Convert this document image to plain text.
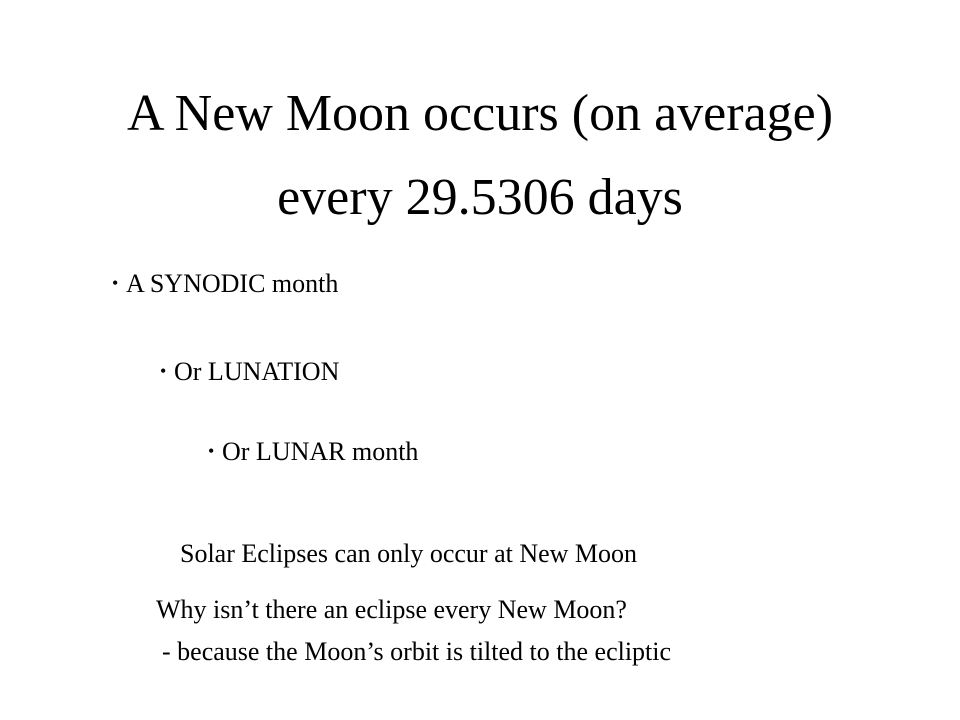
A New Moon occurs (on average)
every 29.5306 days
• A SYNODIC month
• Or LUNATION
• Or LUNAR month
Solar Eclipses can only occur at New Moon
Why isn’t there an eclipse every New Moon?
- because the Moon’s orbit is tilted to the ecliptic
